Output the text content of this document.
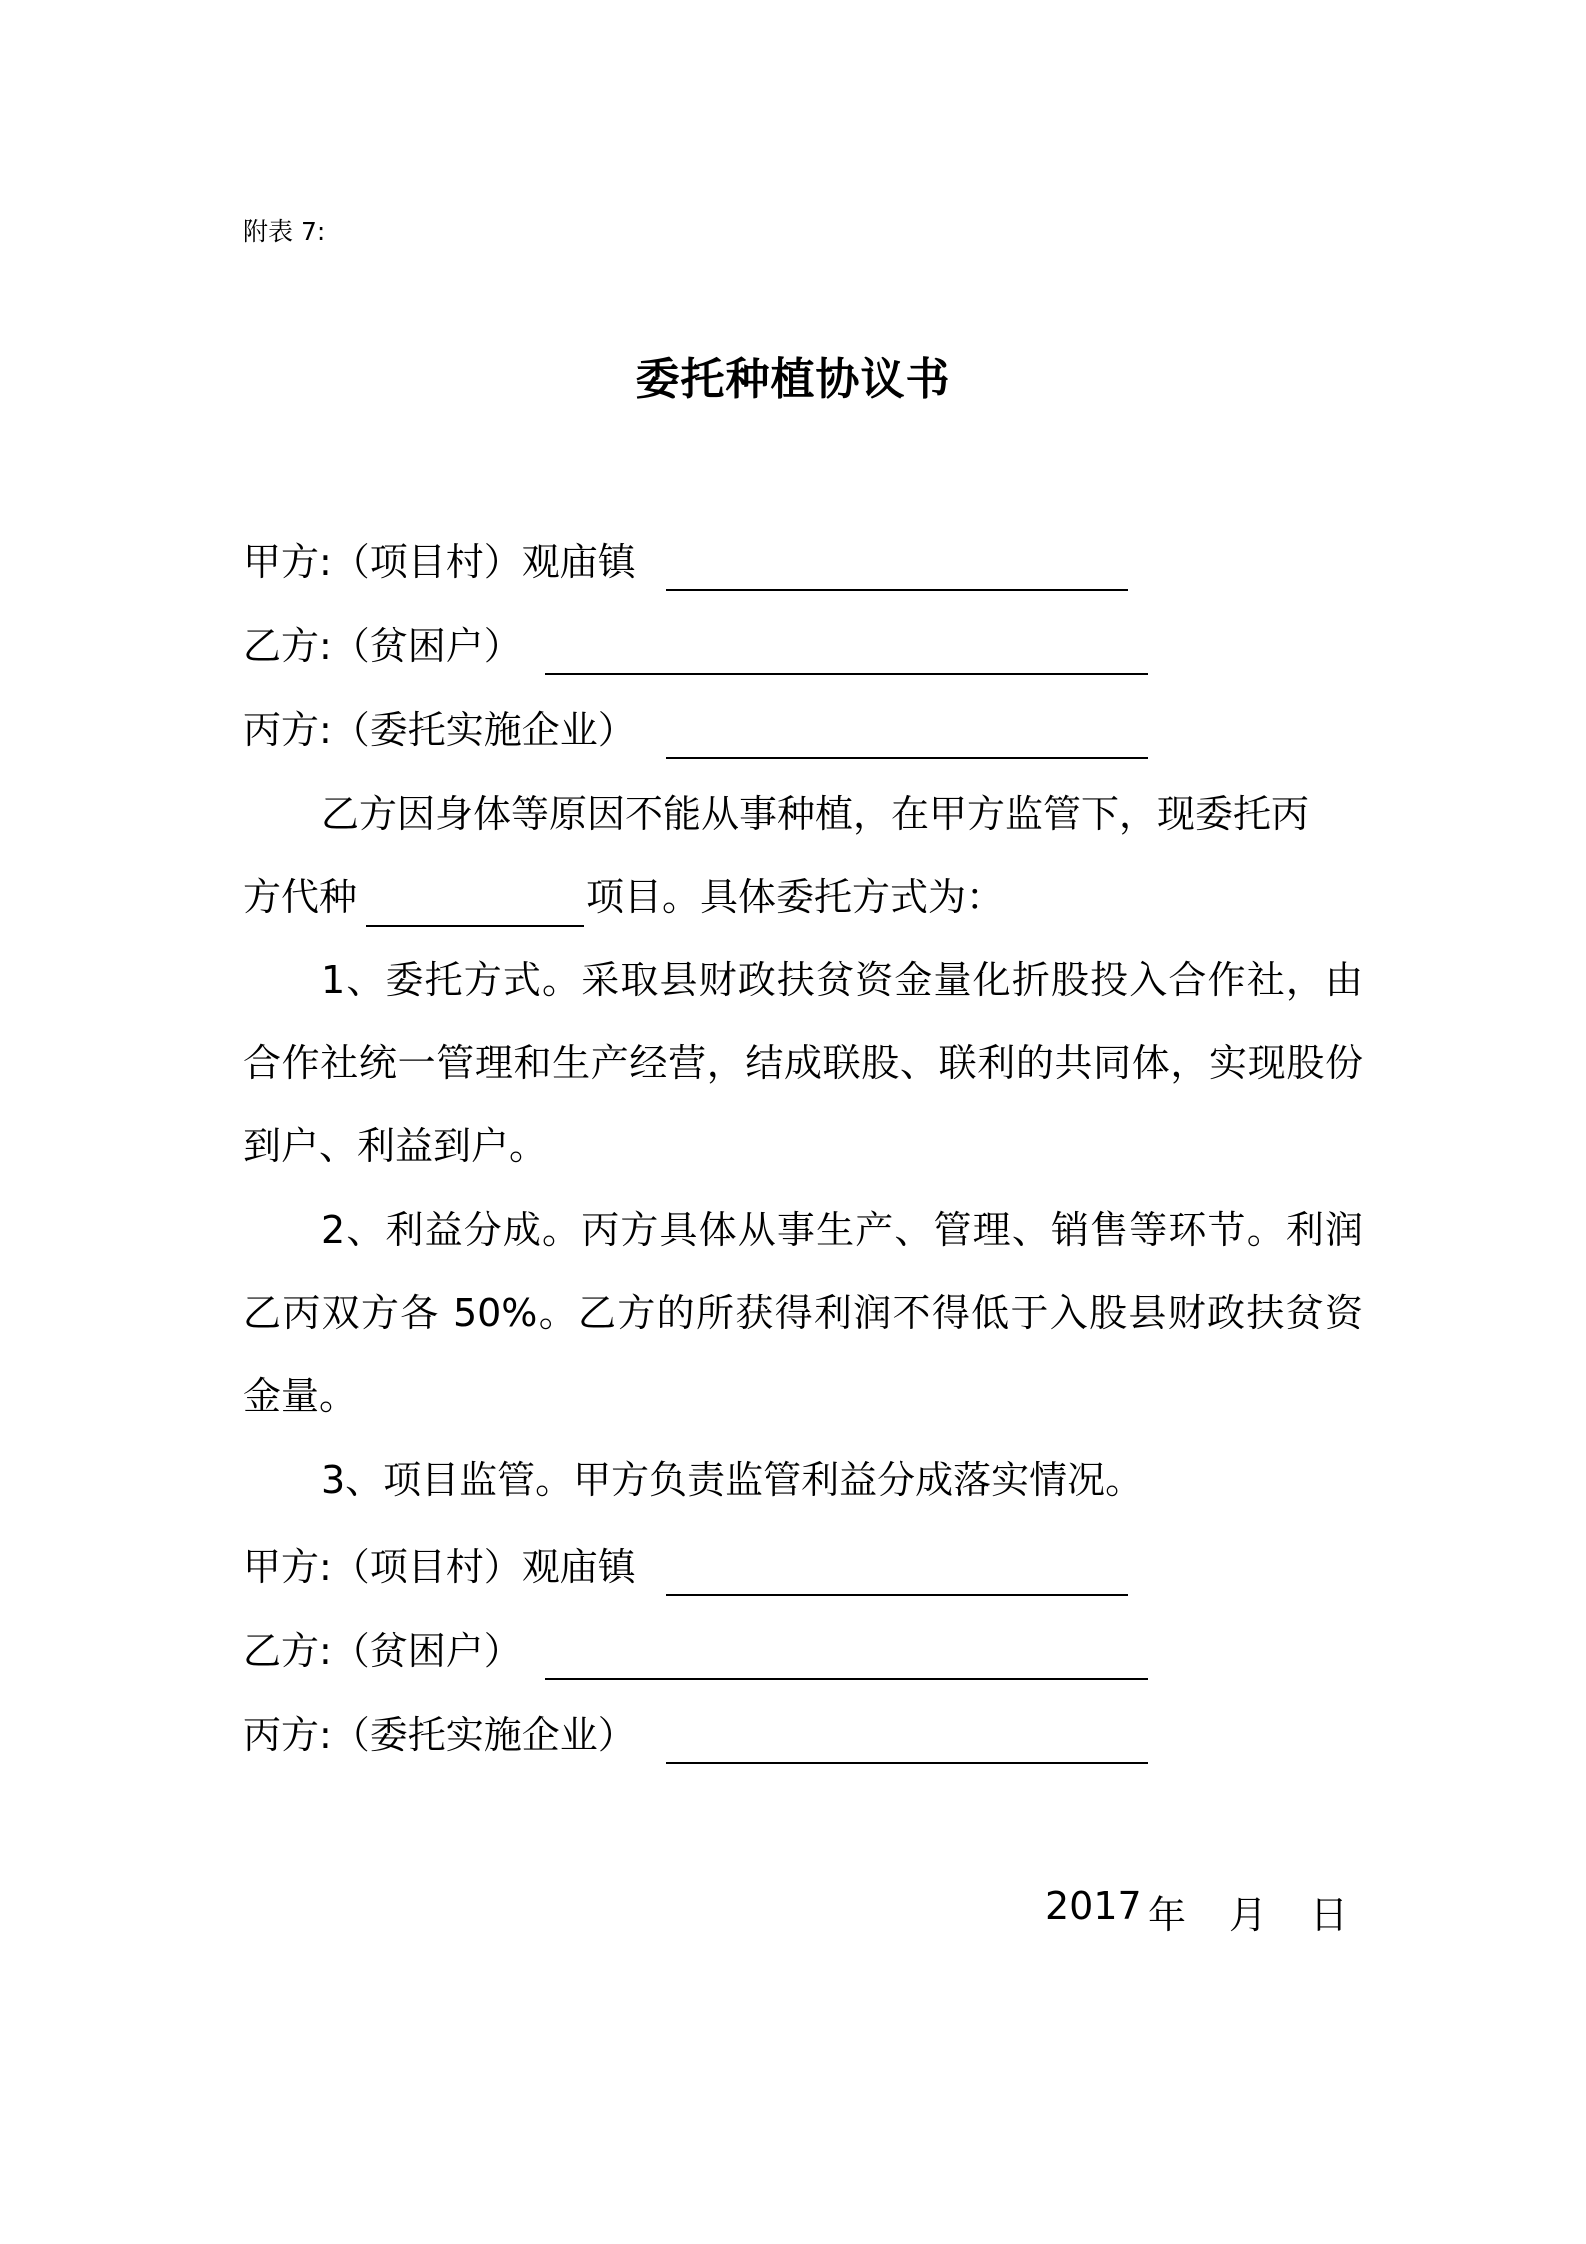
附表 7:
委托种植协议书
甲方:（项目村）观庙镇
乙方:（贫困户）
丙方:（委托实施企业）
乙方因身体等原因不能从事种植，在甲方监管下，现委托丙
方代种	项目。具体委托方式为：
1、委托方式。采取县财政扶贫资金量化折股投入合作社，由合作社统一管理和生产经营，结成联股、联利的共同体，实现股份到户、利益到户。
2、利益分成。丙方具体从事生产、管理、销售等环节。利润乙丙双方各 50%。乙方的所获得利润不得低于入股县财政扶贫资金量。
3、项目监管。甲方负责监管利益分成落实情况。
甲方:（项目村）观庙镇
乙方:（贫困户）
丙方:（委托实施企业）
2017 年 月 日
